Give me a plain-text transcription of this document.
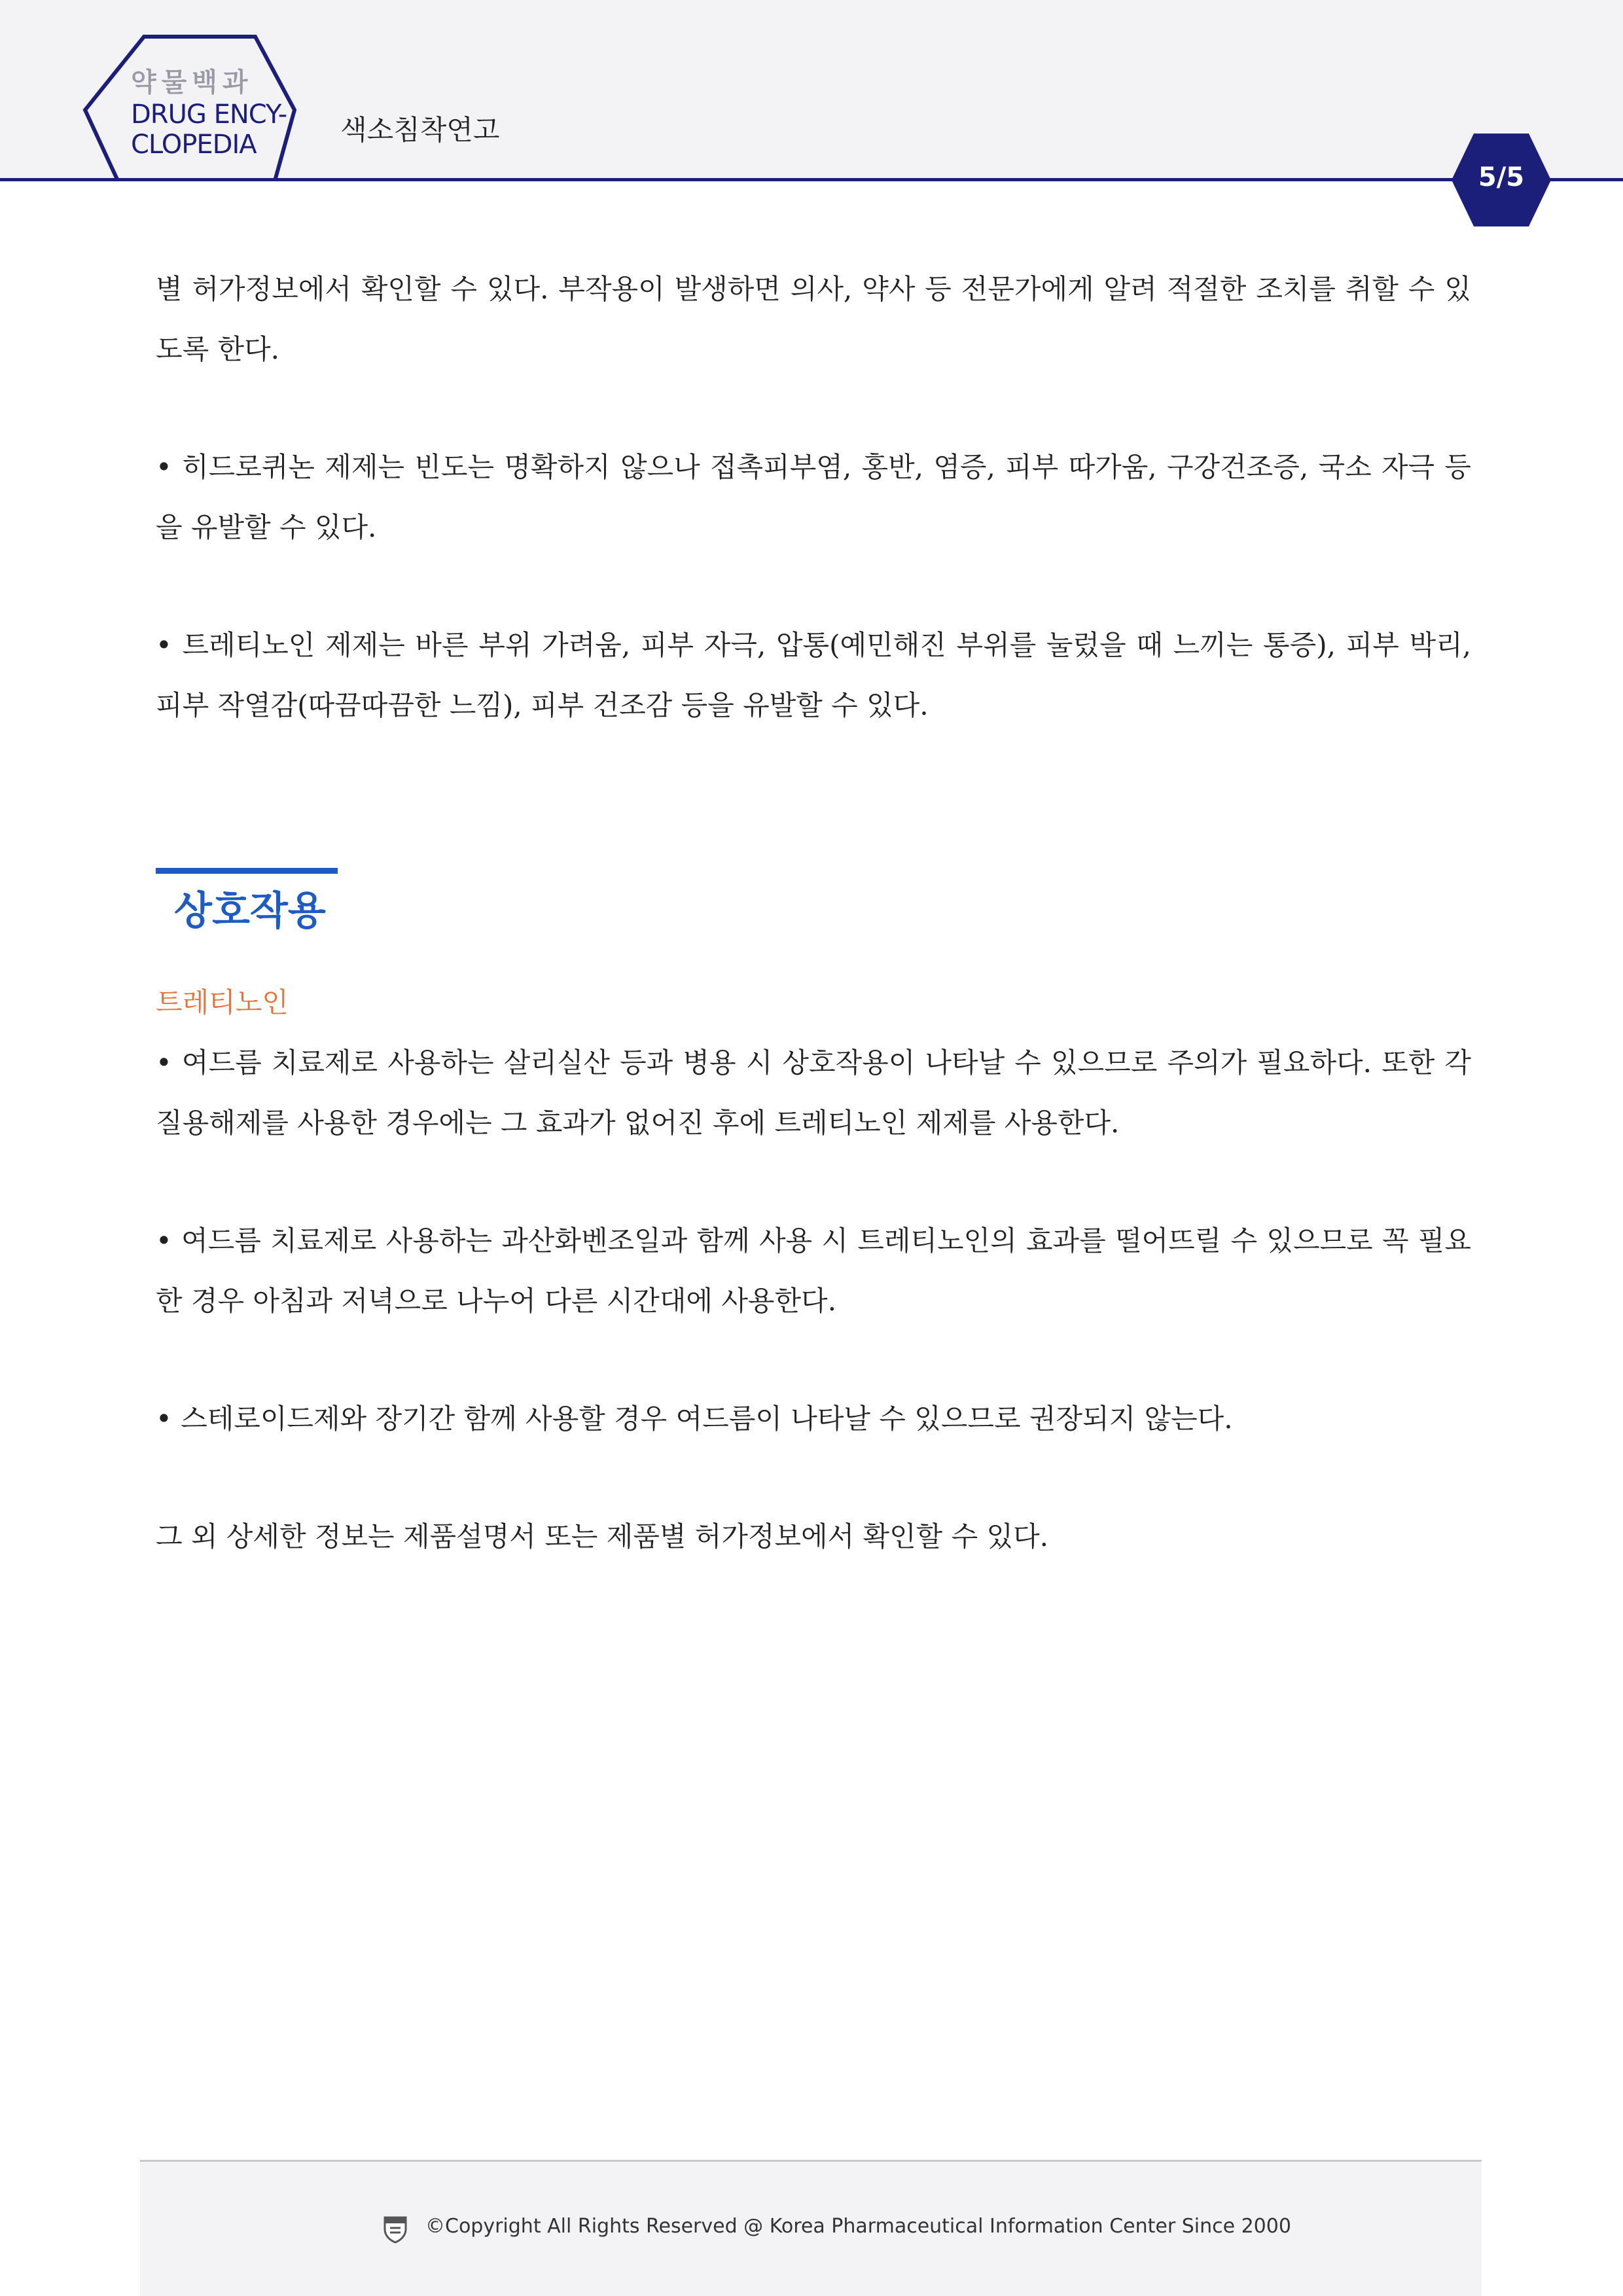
약물백과
DRUG ENCY-
CLOPEDIA	색소침착연고
5/5

별 허가정보에서 확인할 수 있다. 부작용이 발생하면 의사, 약사 등 전문가에게 알려 적절한 조치를 취할 수 있도록 한다.

• 히드로퀴논 제제는 빈도는 명확하지 않으나 접촉피부염, 홍반, 염증, 피부 따가움, 구강건조증, 국소 자극 등을 유발할 수 있다.

• 트레티노인 제제는 바른 부위 가려움, 피부 자극, 압통(예민해진 부위를 눌렀을 때 느끼는 통증), 피부 박리, 피부 작열감(따끔따끔한 느낌), 피부 건조감 등을 유발할 수 있다.

상호작용

트레티노인

• 여드름 치료제로 사용하는 살리실산 등과 병용 시 상호작용이 나타날 수 있으므로 주의가 필요하다. 또한 각질용해제를 사용한 경우에는 그 효과가 없어진 후에 트레티노인 제제를 사용한다.

• 여드름 치료제로 사용하는 과산화벤조일과 함께 사용 시 트레티노인의 효과를 떨어뜨릴 수 있으므로 꼭 필요한 경우 아침과 저녁으로 나누어 다른 시간대에 사용한다.

• 스테로이드제와 장기간 함께 사용할 경우 여드름이 나타날 수 있으므로 권장되지 않는다.

그 외 상세한 정보는 제품설명서 또는 제품별 허가정보에서 확인할 수 있다.

©Copyright All Rights Reserved @ Korea Pharmaceutical Information Center Since 2000
